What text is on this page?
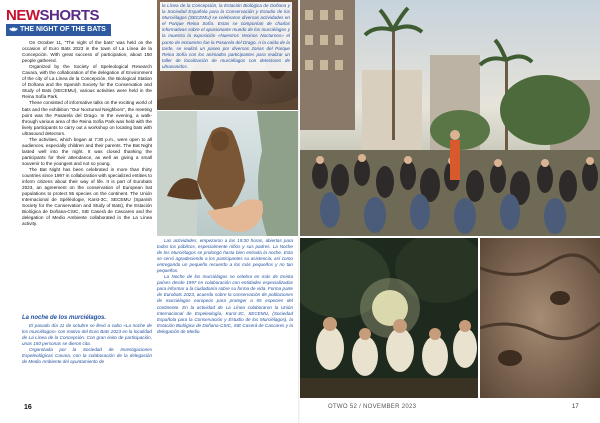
NEWSHORTS
THE NIGHT OF THE BATS

On October 11, "The night of the bats" was held on the occasion of Euro Bats 2023 in the town of La Línea de la Concepción. With great success of participation, about 150 people gathered.

Organized by the Society of Speleological Research Cavara, with the collaboration of the delegation of Environment of the city of La Línea de la Concepción, the Biological Station of Doñana and the Spanish Society for the Conservation and Study of Bats (SECEMU), various activities were held in the Reina Sofía Park.

These consisted of informative talks on the exciting world of bats and the exhibition "Our Nocturnal Neighbors", the meeting point was the Pasarela del Drago. In the evening, a walk-through various area of the Reina Sofía Park was held with the lively participants to carry out a workshop on locating bats with ultrasound detectors.

The activities, which began at 7:30 p.m., were open to all audiences, especially children and their parents. The Bat Night lasted well into the night. It was closed thanking the participants for their attendance, as well as giving a small souvenir to the youngest and not so young.

The Bat Night has been celebrated in more than thirty countries since 1997 in collaboration with specialized entities to inform citizens about their way of life. It is part of Eurobats 2023, an agreement on the conservation of European bat populations to protect 55 species on the continent. The Unión Internacional de Spéléologie, Karst-3C, SECEMU (Spanish Society for the Conservation and Study of Bats), the Estación Biológica de Doñana-CSIC, SIE Caserá de Cascares and the delegation of Medio Ambiente collaborated in the La Línea activity.

La noche de los murciélagos.

El pasado día 11 de octubre se llevó a cabo «La noche de los murciélagos» con motivo del Euro Bats 2023 en la localidad de La Línea de la Concepción. Con gran éxito de participación, unas 150 personas se dieron cita.

Organizada por la Sociedad de Investigaciones Espeleológicas Cavara, con la colaboración de la delegación de Medio Ambiente del ayuntamiento de

la Línea de la Concepción, la Estación Biológica de Doñana y la Sociedad Española para la Conservación y Estudio de los Murciélagos (SECEMU) se celebraron diversas actividades en el Parque Reina Sofía. Estas se componían de charlas informativas sobre el apasionante mundo de los murciélagos y la muestra la exposición «Nuestros Vecinos Nocturnos» el punto de encuentro fue la Pasarela del Drago. A la caída de la tarde, se realizó un paseo por diversas zonas del Parque Reina Sofía con los animados participantes para realizar un taller de localización de murciélagos con detectores de ultrasonidos.

Las actividades, empezaron a las 19:30 horas, abiertas para todos los públicos, especialmente niños y sus padres. La Noche de los Murciélagos se prolongó hasta bien entrada la noche. Esta se cerró agradeciendo a los participantes su asistencia, así como entregando un pequeño recuerdo a los más pequeños y no tan pequeños.

La Noche de los murciélagos se celebra en más de treinta países desde 1997 en colaboración con entidades especializadas para informar a la ciudadanía sobre su forma de vida. Forma parte de Eurobats 2023, acuerdo sobre la conservación de poblaciones de murciélagos europeos para proteger a 55 especies del continente. En la actividad de La Línea colaboraron la Unión Internacional de Espeleología, Karst-3C, SECEMU, (Sociedad Española para la Conservación y Estudio de los Murciélagos), la Estación Biológica de Doñana-CSIC, SIE Caserá de Cascares y la delegación de Medio.

16	17
OTWO 52 / NOVEMBER 2023
